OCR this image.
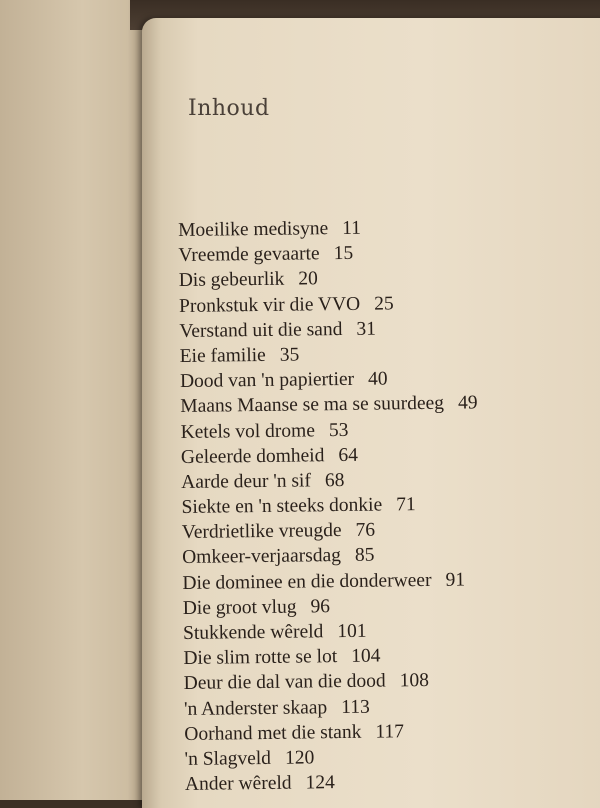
Inhoud
Moeilike medisyne 11
Vreemde gevaarte 15
Dis gebeurlik 20
Pronkstuk vir die VVO 25
Verstand uit die sand 31
Eie familie 35
Dood van 'n papiertier 40
Maans Maanse se ma se suurdeeg 49
Ketels vol drome 53
Geleerde domheid 64
Aarde deur 'n sif 68
Siekte en 'n steeks donkie 71
Verdrietlike vreugde 76
Omkeer-verjaarsdag 85
Die dominee en die donderweer 91
Die groot vlug 96
Stukkende wêreld 101
Die slim rotte se lot 104
Deur die dal van die dood 108
'n Anderster skaap 113
Oorhand met die stank 117
'n Slagveld 120
Ander wêreld 124
